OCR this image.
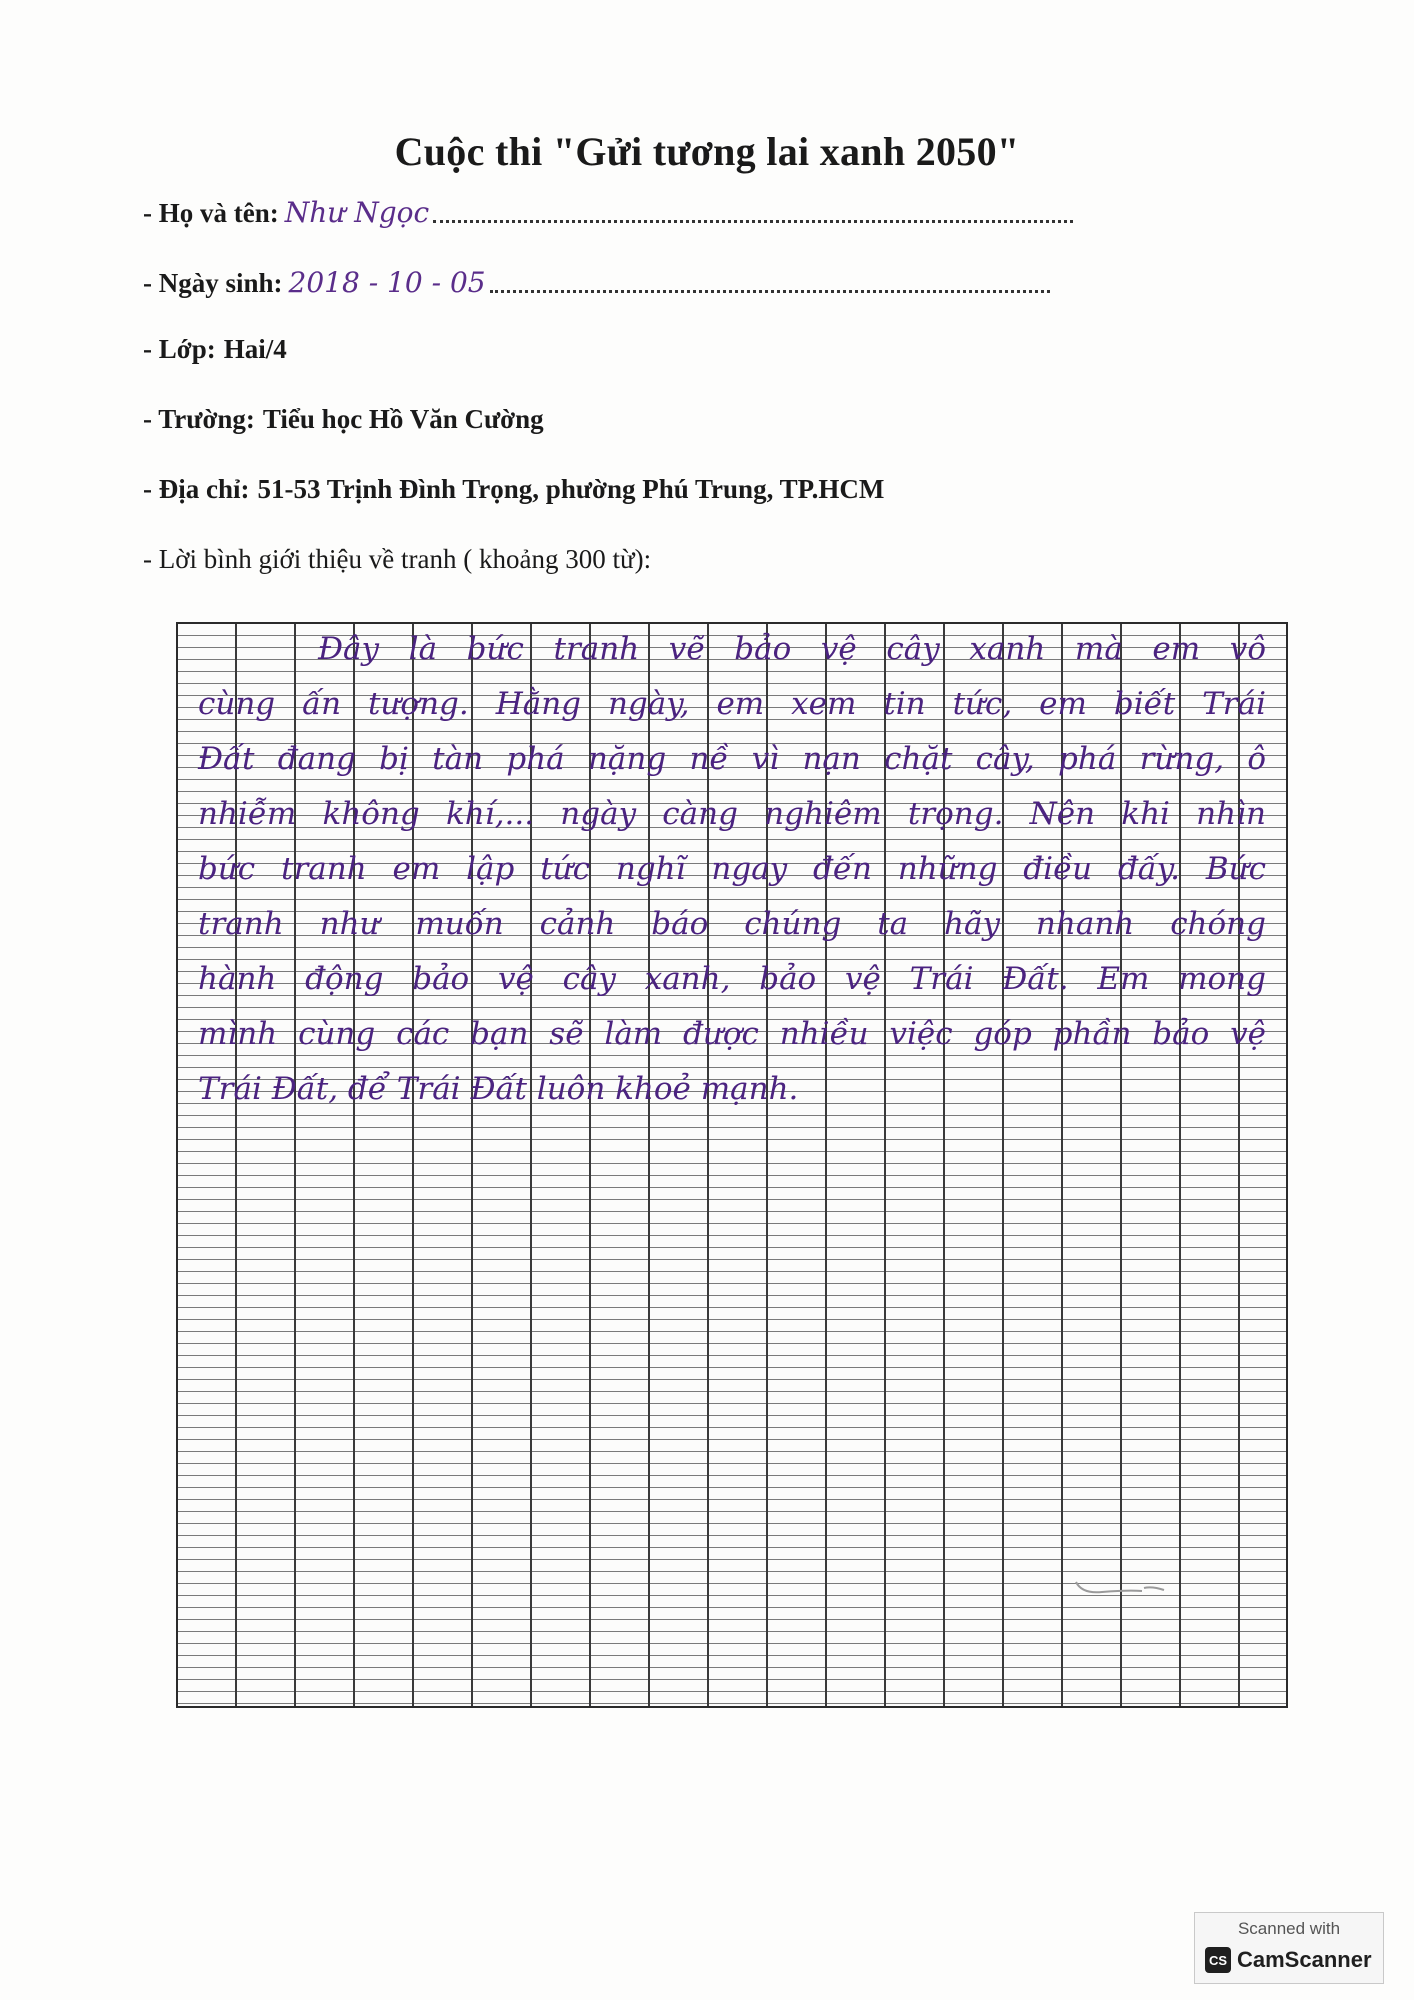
Cuộc thi "Gửi tương lai xanh 2050"
- Họ và tên: Như Ngọc
- Ngày sinh: 2018 - 10 - 05
- Lớp: Hai/4
- Trường: Tiểu học Hồ Văn Cường
- Địa chỉ: 51-53 Trịnh Đình Trọng, phường Phú Trung, TP.HCM
- Lời bình giới thiệu về tranh ( khoảng 300 từ):
Đây là bức tranh vẽ bảo vệ cây xanh mà em vô
cùng ấn tượng. Hằng ngày, em xem tin tức, em biết Trái
Đất đang bị tàn phá nặng nề vì nạn chặt cây, phá rừng, ô
nhiễm không khí,... ngày càng nghiêm trọng. Nên khi nhìn
bức tranh em lập tức nghĩ ngay đến những điều đấy. Bức
tranh như muốn cảnh báo chúng ta hãy nhanh chóng
hành động bảo vệ cây xanh, bảo vệ Trái Đất. Em mong
mình cùng các bạn sẽ làm được nhiều việc góp phần bảo vệ
Trái Đất, để Trái Đất luôn khoẻ mạnh.
Scanned with
CS CamScanner
